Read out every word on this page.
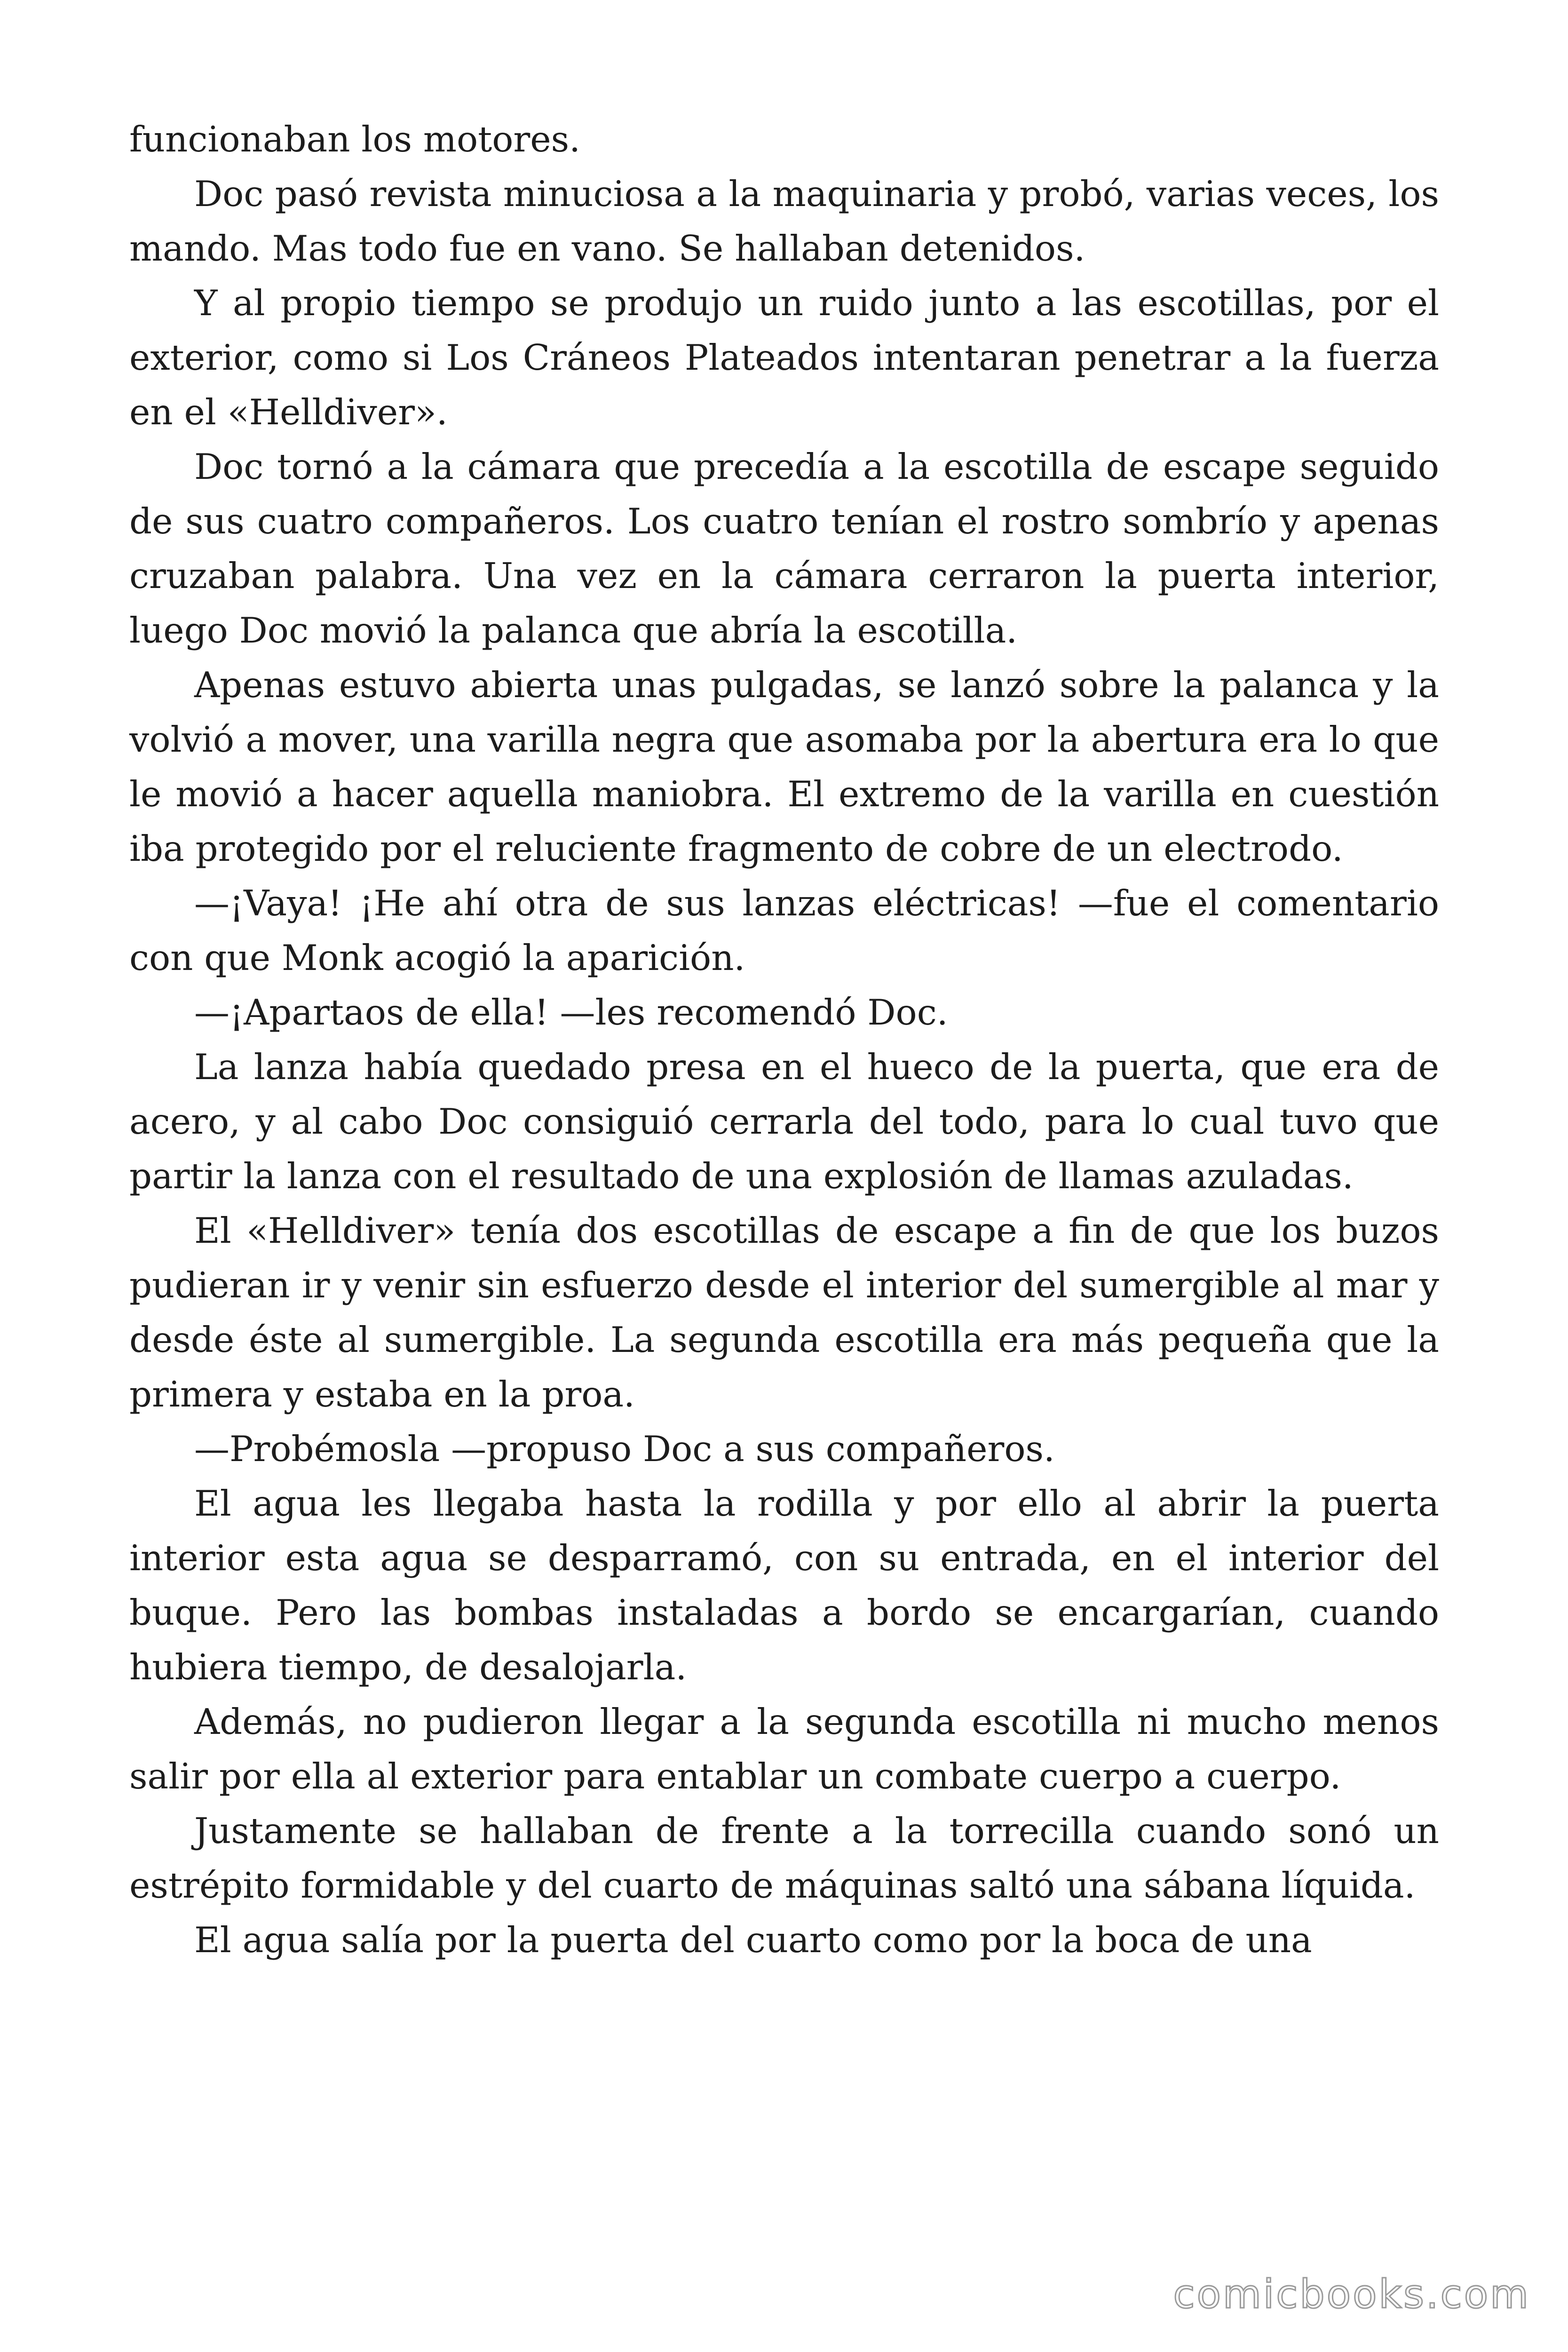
funcionaban los motores.

Doc pasó revista minuciosa a la maquinaria y probó, varias veces, los mando. Mas todo fue en vano. Se hallaban detenidos.

Y al propio tiempo se produjo un ruido junto a las escotillas, por el exterior, como si Los Cráneos Plateados intentaran penetrar a la fuerza en el «Helldiver».

Doc tornó a la cámara que precedía a la escotilla de escape seguido de sus cuatro compañeros. Los cuatro tenían el rostro sombrío y apenas cruzaban palabra. Una vez en la cámara cerraron la puerta interior, luego Doc movió la palanca que abría la escotilla.

Apenas estuvo abierta unas pulgadas, se lanzó sobre la palanca y la volvió a mover, una varilla negra que asomaba por la abertura era lo que le movió a hacer aquella maniobra. El extremo de la varilla en cuestión iba protegido por el reluciente fragmento de cobre de un electrodo.

—¡Vaya! ¡He ahí otra de sus lanzas eléctricas! —fue el comentario con que Monk acogió la aparición.

—¡Apartaos de ella! —les recomendó Doc.

La lanza había quedado presa en el hueco de la puerta, que era de acero, y al cabo Doc consiguió cerrarla del todo, para lo cual tuvo que partir la lanza con el resultado de una explosión de llamas azuladas.

El «Helldiver» tenía dos escotillas de escape a fin de que los buzos pudieran ir y venir sin esfuerzo desde el interior del sumergible al mar y desde éste al sumergible. La segunda escotilla era más pequeña que la primera y estaba en la proa.

—Probémosla —propuso Doc a sus compañeros.

El agua les llegaba hasta la rodilla y por ello al abrir la puerta interior esta agua se desparramó, con su entrada, en el interior del buque. Pero las bombas instaladas a bordo se encargarían, cuando hubiera tiempo, de desalojarla.

Además, no pudieron llegar a la segunda escotilla ni mucho menos salir por ella al exterior para entablar un combate cuerpo a cuerpo.

Justamente se hallaban de frente a la torrecilla cuando sonó un estrépito formidable y del cuarto de máquinas saltó una sábana líquida.

El agua salía por la puerta del cuarto como por la boca de una

comicbooks.com
